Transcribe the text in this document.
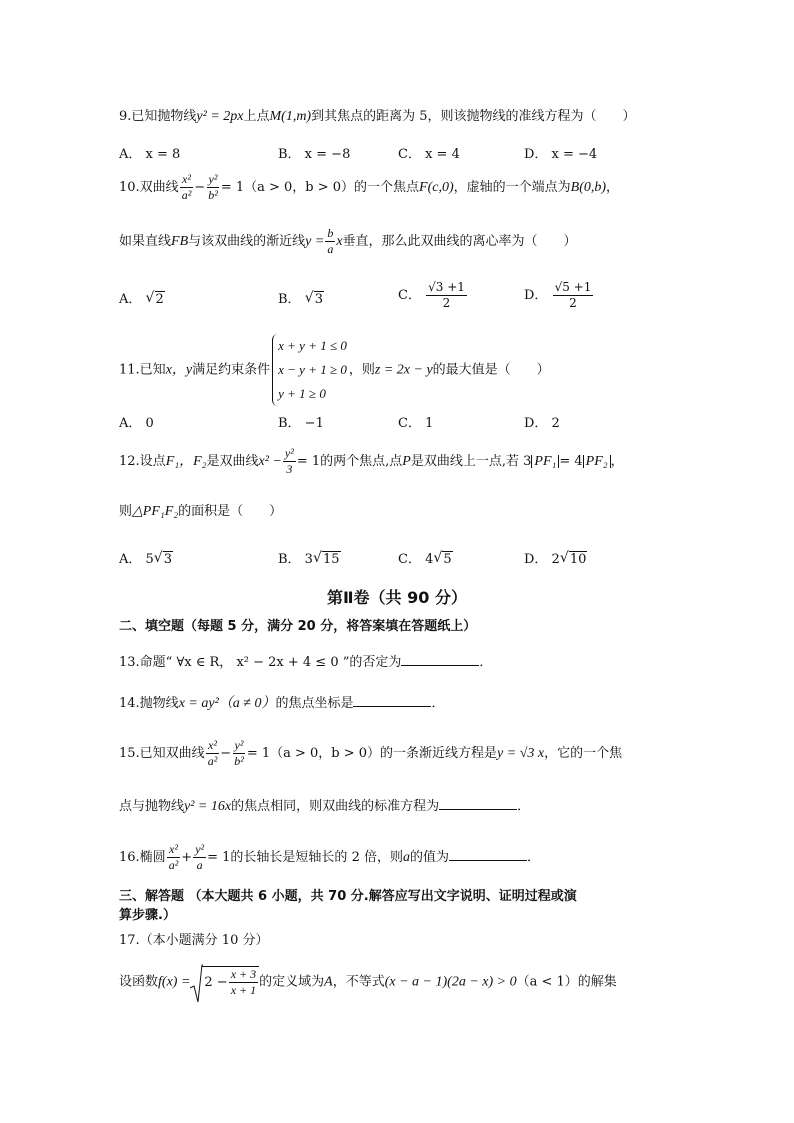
9.已知抛物线y² = 2px上点M(1,m)到其焦点的距离为 5，则该抛物线的准线方程为（　　）
A． x = 8	B． x = −8	C． x = 4	D． x = −4
10.双曲线 $\frac{\text{x²}}{\text{a²}} - \frac{\text{y²}}{\text{b²}} = 1(a > 0$，b > 0）的一个焦点F(c,0)，虚轴的一个端点为B(0,b)，
如果直线FB与该双曲线的渐近线$y = \frac{b}{a}$ x垂直，那么此双曲线的离心率为（　　）
A． √ 2	B． √ 3	C． $\frac{√3 +1}{2}$	D． $\frac{√5 +1}{2}$
11.已知x，y满足约束条件
x + y + 1 ≤ 0
x − y + 1 ≥ 0
y + 1 ≥ 0
，则z = 2x − y的最大值是（　　）
A． 0	B． −1	C． 1	D． 2
12.设点F₁，F₂是双曲线$x^2 - \frac{\text{y²}}{3} = 1$的两个焦点,点P是双曲线上一点,若 3 PF₁ = 4 PF₂ ，
则△PF₁F₂的面积是（　　）
A． 5 √ 3	B． 3 √ 15	C． 4 √ 5	D． 2 √ 10
第Ⅱ卷（共 90 分）
二、填空题（每题 5 分，满分 20 分，将答案填在答题纸上）
13.命题“ ∀x ∈ R， x² − 2x + 4 ≤ 0 ”的否定为	．
14.抛物线x = ay²（a ≠ 0）的焦点坐标是	．
15.已知双曲线 $\frac{\text{x²}}{\text{a²}} - \frac{\text{y²}}{\text{b²}} = 1(a > 0$，b > 0）的一条渐近线方程是y = √3 x，它的一个焦
点与抛物线y² = 16x的焦点相同，则双曲线的标准方程为	．
16.椭圆 $\frac{\text{x²}}{\text{a²}} + \frac{\text{y²}}{a} = 1$的长轴长是短轴长的 2 倍，则a的值为	．
三、解答题 （本大题共 6 小题，共 70 分.解答应写出文字说明、证明过程或演
算步骤.）
17.（本小题满分 10 分）
设函数$f(x) = 2 - \frac{x + 3}{x + 1}$ 的定义域为A，不等式(x − a − 1)(2a − x) > 0（a < 1）的解集
